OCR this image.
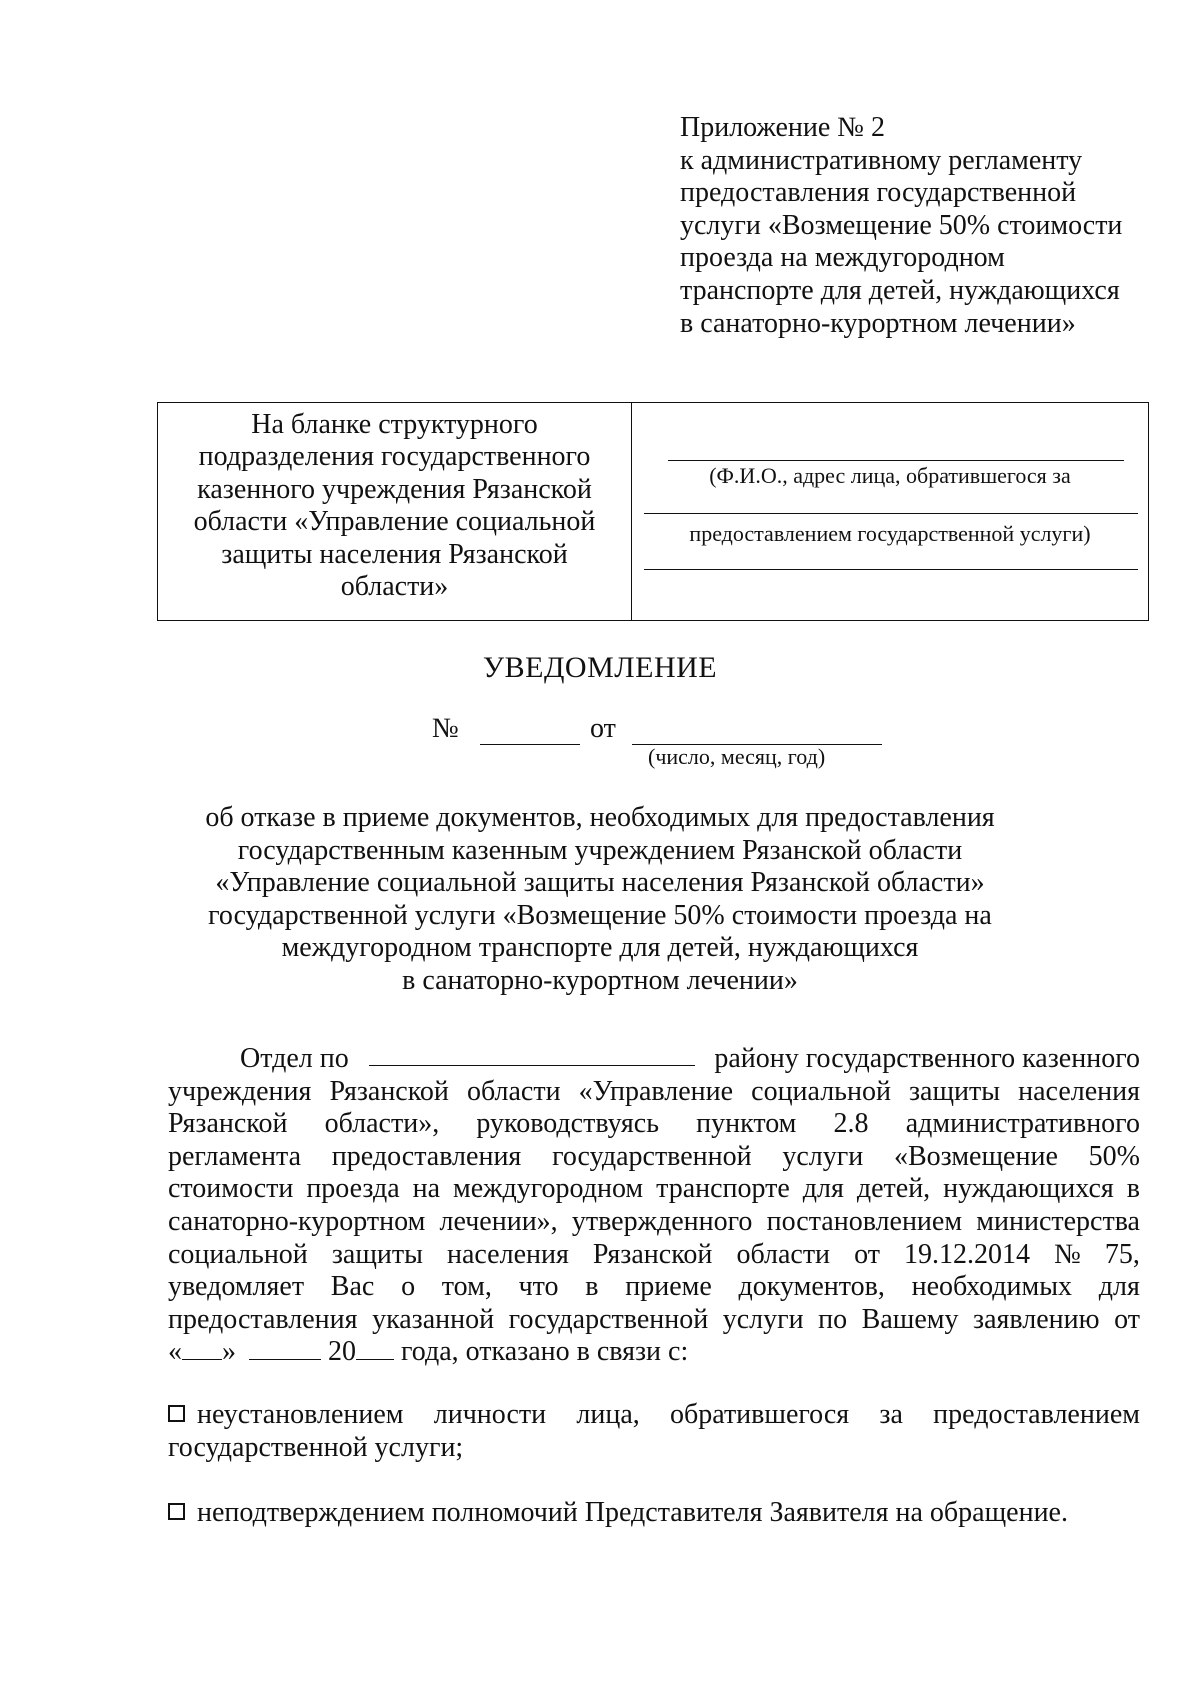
Приложение № 2
к административному регламенту
предоставления государственной
услуги «Возмещение 50% стоимости
проезда на междугородном
транспорте для детей, нуждающихся
в санаторно-курортном лечении»
На бланке структурного
подразделения государственного
казенного учреждения Рязанской
области «Управление социальной
защиты населения Рязанской
области»
(Ф.И.О., адрес лица, обратившегося за
предоставлением государственной услуги)
УВЕДОМЛЕНИЕ
№	от
(число, месяц, год)
об отказе в приеме документов, необходимых для предоставления
государственным казенным учреждением Рязанской области
«Управление социальной защиты населения Рязанской области»
государственной услуги «Возмещение 50% стоимости проезда на
междугородном транспорте для детей, нуждающихся
в санаторно-курортном лечении»
Отдел по	району государственного казенного
учреждения Рязанской области «Управление социальной защиты населения
Рязанской области», руководствуясь пунктом 2.8 административного
регламента предоставления государственной услуги «Возмещение 50%
стоимости проезда на междугородном транспорте для детей, нуждающихся в
санаторно-курортном лечении», утвержденного постановлением министерства
социальной защиты населения Рязанской области от 19.12.2014 № 75,
уведомляет Вас о том, что в приеме документов, необходимых для
предоставления указанной государственной услуги по Вашему заявлению от
« »	20 года, отказано в связи с:
неустановлением личности лица, обратившегося за предоставлением
государственной услуги;
неподтверждением полномочий Представителя Заявителя на обращение.
